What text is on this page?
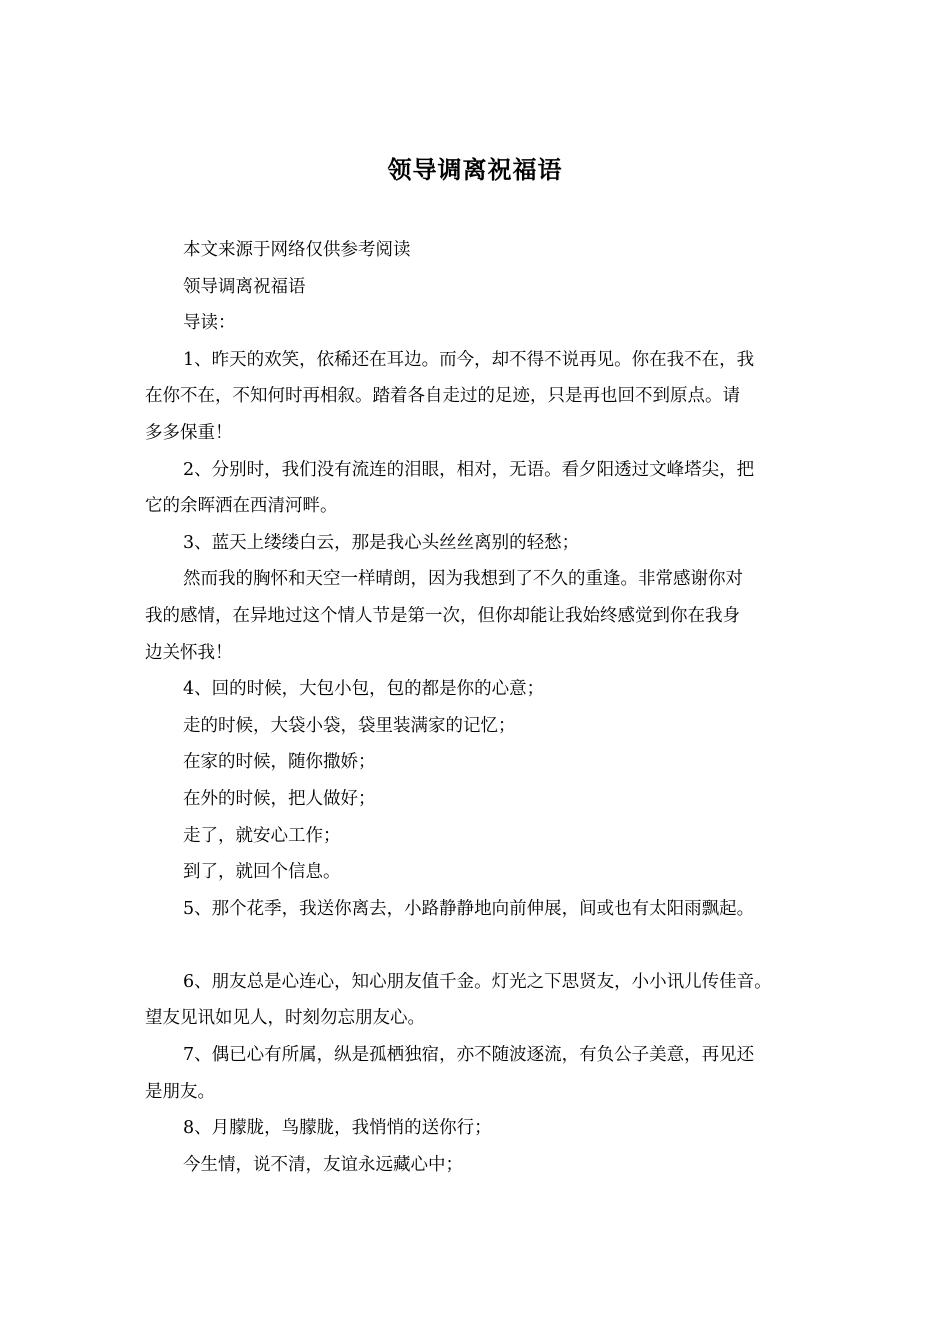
领导调离祝福语
本文来源于网络仅供参考阅读
领导调离祝福语
导读：
1、昨天的欢笑，依稀还在耳边。而今，却不得不说再见。你在我不在，我
在你不在，不知何时再相叙。踏着各自走过的足迹，只是再也回不到原点。请
多多保重！
2、分别时，我们没有流连的泪眼，相对，无语。看夕阳透过文峰塔尖，把
它的余晖洒在西清河畔。
3、蓝天上缕缕白云，那是我心头丝丝离别的轻愁；
然而我的胸怀和天空一样晴朗，因为我想到了不久的重逢。非常感谢你对
我的感情，在异地过这个情人节是第一次，但你却能让我始终感觉到你在我身
边关怀我！
4、回的时候，大包小包，包的都是你的心意；
走的时候，大袋小袋，袋里装满家的记忆；
在家的时候，随你撒娇；
在外的时候，把人做好；
走了，就安心工作；
到了，就回个信息。
5、那个花季，我送你离去，小路静静地向前伸展，间或也有太阳雨飘起。
6、朋友总是心连心，知心朋友值千金。灯光之下思贤友，小小讯儿传佳音。
望友见讯如见人，时刻勿忘朋友心。
7、偶已心有所属，纵是孤栖独宿，亦不随波逐流，有负公子美意，再见还
是朋友。
8、月朦胧，鸟朦胧，我悄悄的送你行；
今生情，说不清，友谊永远藏心中；
